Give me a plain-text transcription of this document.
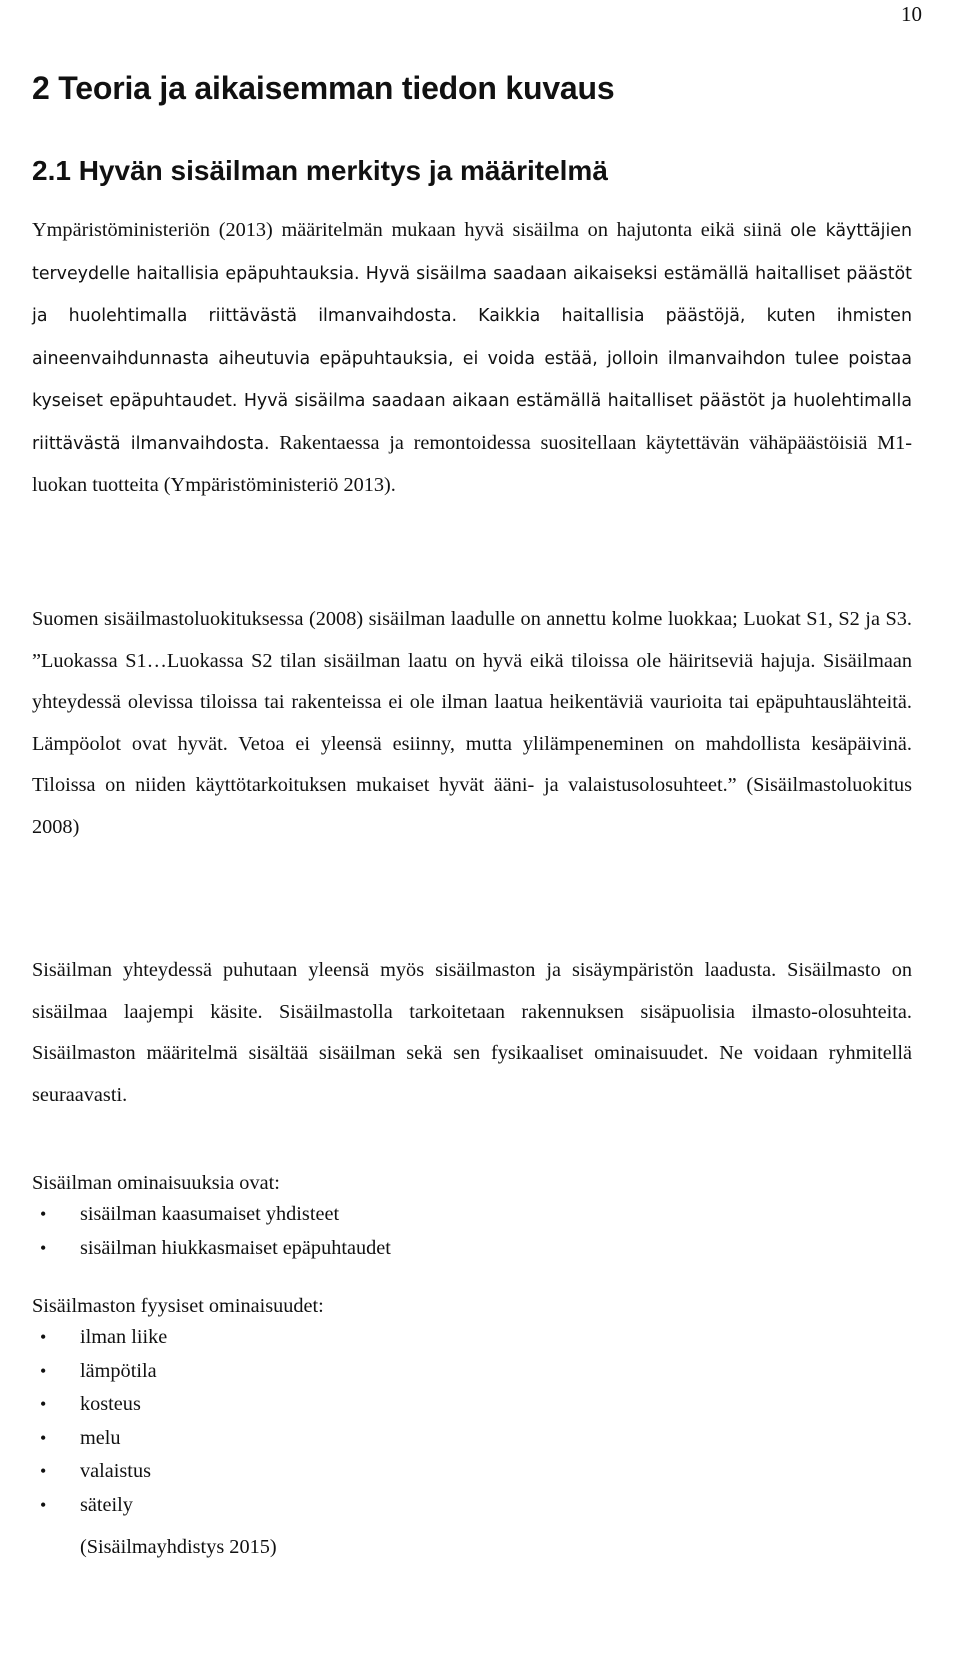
10
2 Teoria ja aikaisemman tiedon kuvaus
2.1 Hyvän sisäilman merkitys ja määritelmä

Ympäristöministeriön (2013) määritelmän mukaan hyvä sisäilma on hajutonta eikä siinä ole käyttäjien terveydelle haitallisia epäpuhtauksia. Hyvä sisäilma saadaan aikaiseksi estämällä haitalliset päästöt ja huolehtimalla riittävästä ilmanvaihdosta. Kaikkia haitallisia päästöjä, kuten ihmisten aineenvaihdunnasta aiheutuvia epäpuhtauksia, ei voida estää, jolloin ilmanvaihdon tulee poistaa kyseiset epäpuhtaudet. Hyvä sisäilma saadaan aikaan estämällä haitalliset päästöt ja huolehtimalla riittävästä ilmanvaihdosta. Rakentaessa ja remontoidessa suositellaan käytettävän vähäpäästöisiä M1-luokan tuotteita (Ympäristöministeriö 2013).

Suomen sisäilmastoluokituksessa (2008) sisäilman laadulle on annettu kolme luokkaa; Luokat S1, S2 ja S3. ”Luokassa S1…Luokassa S2 tilan sisäilman laatu on hyvä eikä tiloissa ole häiritseviä hajuja. Sisäilmaan yhteydessä olevissa tiloissa tai rakenteissa ei ole ilman laatua heikentäviä vaurioita tai epäpuhtauslähteitä. Lämpöolot ovat hyvät. Vetoa ei yleensä esiinny, mutta ylilämpeneminen on mahdollista kesäpäivinä. Tiloissa on niiden käyttötarkoituksen mukaiset hyvät ääni- ja valaistusolosuhteet.” (Sisäilmastoluokitus 2008)

Sisäilman yhteydessä puhutaan yleensä myös sisäilmaston ja sisäympäristön laadusta. Sisäilmasto on sisäilmaa laajempi käsite. Sisäilmastolla tarkoitetaan rakennuksen sisäpuolisia ilmasto-olosuhteita. Sisäilmaston määritelmä sisältää sisäilman sekä sen fysikaaliset ominaisuudet. Ne voidaan ryhmitellä seuraavasti.

Sisäilman ominaisuuksia ovat:
• sisäilman kaasumaiset yhdisteet
• sisäilman hiukkasmaiset epäpuhtaudet
Sisäilmaston fyysiset ominaisuudet:
• ilman liike
• lämpötila
• kosteus
• melu
• valaistus
• säteily
(Sisäilmayhdistys 2015)
